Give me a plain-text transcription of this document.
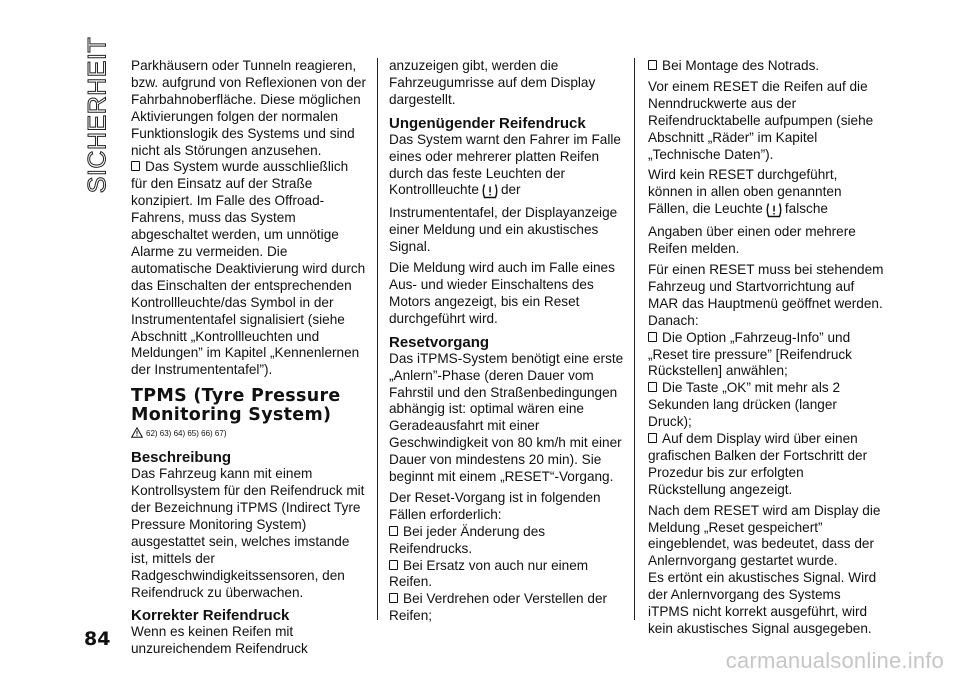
SICHERHEIT Parkhäusern oder Tunneln reagieren, bzw. aufgrund von Reflexionen von der Fahrbahnoberfläche. Diese möglichen Aktivierungen folgen der normalen Funktionslogik des Systems und sind nicht als Störungen anzusehen.

Das System wurde ausschließlich für den Einsatz auf der Straße konzipiert. Im Falle des Offroad-Fahrens, muss das System abgeschaltet werden, um unnötige Alarme zu vermeiden. Die automatische Deaktivierung wird durch das Einschalten der entsprechenden Kontrollleuchte/das Symbol in der Instrumententafel signalisiert (siehe Abschnitt „Kontrollleuchten und Meldungen” im Kapitel „Kennenlernen der Instrumententafel”).

TPMS (Tyre Pressure Monitoring System)
62) 63) 64) 65) 66) 67)
Beschreibung

Das Fahrzeug kann mit einem Kontrollsystem für den Reifendruck mit der Bezeichnung iTPMS (Indirect Tyre Pressure Monitoring System) ausgestattet sein, welches imstande ist, mittels der Radgeschwindigkeitssensoren, den Reifendruck zu überwachen.

Korrekter Reifendruck

Wenn es keinen Reifen mit unzureichendem Reifendruck

anzuzeigen gibt, werden die Fahrzeugumrisse auf dem Display dargestellt.

Ungenügender Reifendruck

Das System warnt den Fahrer im Falle eines oder mehrerer platten Reifen durch das feste Leuchten der Kontrollleuchte der Instrumententafel, der Displayanzeige einer Meldung und ein akustisches Signal.

Die Meldung wird auch im Falle eines Aus- und wieder Einschaltens des Motors angezeigt, bis ein Reset durchgeführt wird.

Resetvorgang

Das iTPMS-System benötigt eine erste „Anlern”-Phase (deren Dauer vom Fahrstil und den Straßenbedingungen abhängig ist: optimal wären eine Geradeausfahrt mit einer Geschwindigkeit von 80 km/h mit einer Dauer von mindestens 20 min). Sie beginnt mit einem „RESET“-Vorgang.

Der Reset-Vorgang ist in folgenden Fällen erforderlich:

Bei jeder Änderung des Reifendrucks.

Bei Ersatz von auch nur einem Reifen.

Bei Verdrehen oder Verstellen der Reifen;

Bei Montage des Notrads.

Vor einem RESET die Reifen auf die Nenndruckwerte aus der Reifendrucktabelle aufpumpen (siehe Abschnitt „Räder” im Kapitel „Technische Daten”).

Wird kein RESET durchgeführt, können in allen oben genannten Fällen, die Leuchte falsche Angaben über einen oder mehrere Reifen melden.

Für einen RESET muss bei stehendem Fahrzeug und Startvorrichtung auf MAR das Hauptmenü geöffnet werden. Danach:

Die Option „Fahrzeug-Info” und „Reset tire pressure” [Reifendruck Rückstellen] anwählen;

Die Taste „OK” mit mehr als 2 Sekunden lang drücken (langer Druck);

Auf dem Display wird über einen grafischen Balken der Fortschritt der Prozedur bis zur erfolgten Rückstellung angezeigt.

Nach dem RESET wird am Display die Meldung „Reset gespeichert” eingeblendet, was bedeutet, dass der Anlernvorgang gestartet wurde.

Es ertönt ein akustisches Signal. Wird der Anlernvorgang des Systems iTPMS nicht korrekt ausgeführt, wird kein akustisches Signal ausgegeben.

84
carmanualsonline.info
